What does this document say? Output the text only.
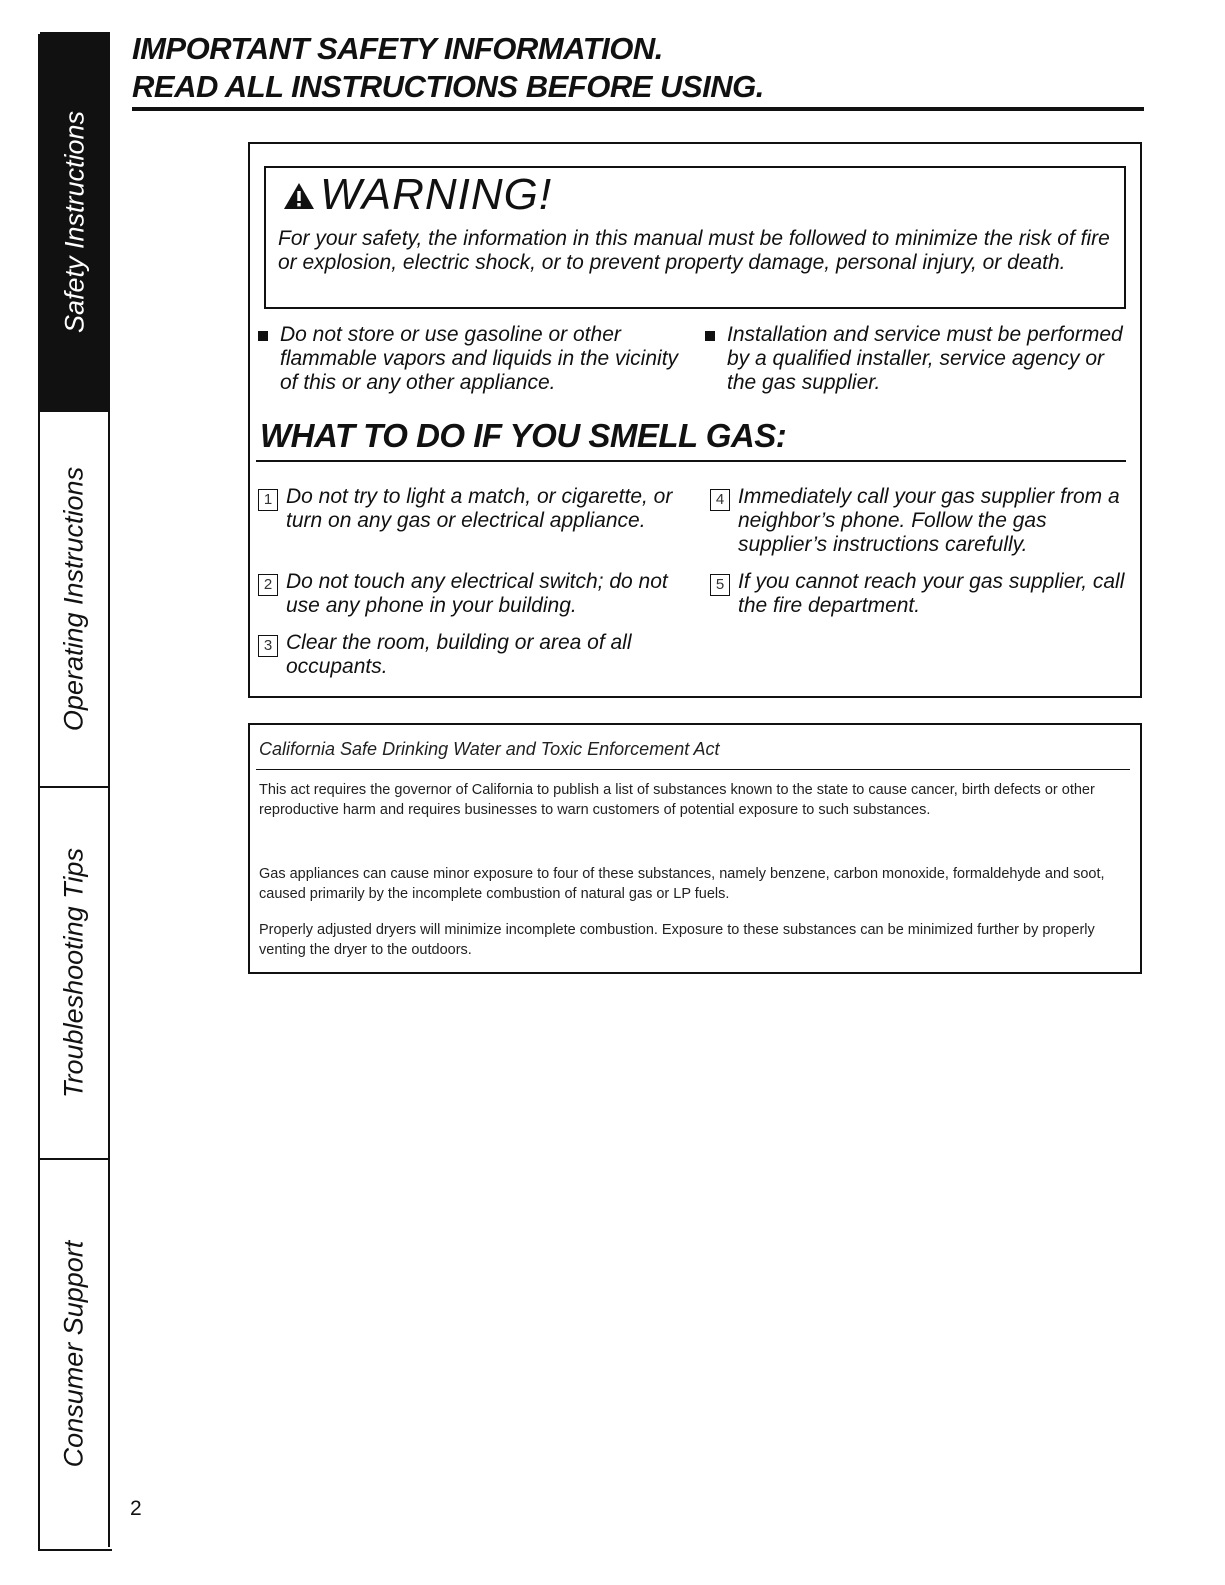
Safety Instructions
Operating Instructions
Troubleshooting Tips
Consumer Support
IMPORTANT SAFETY INFORMATION.
READ ALL INSTRUCTIONS BEFORE USING.
WARNING!
For your safety, the information in this manual must be followed to minimize the risk of fire or explosion, electric shock, or to prevent property damage, personal injury, or death.
Do not store or use gasoline or other flammable vapors and liquids in the vicinity of this or any other appliance.
Installation and service must be performed by a qualified installer, service agency or the gas supplier.
WHAT TO DO IF YOU SMELL GAS:
1 Do not try to light a match, or cigarette, or turn on any gas or electrical appliance.
2 Do not touch any electrical switch; do not use any phone in your building.
3 Clear the room, building or area of all occupants.
4 Immediately call your gas supplier from a neighbor’s phone. Follow the gas supplier’s instructions carefully.
5 If you cannot reach your gas supplier, call the fire department.
California Safe Drinking Water and Toxic Enforcement Act
This act requires the governor of California to publish a list of substances known to the state to cause cancer, birth defects or other reproductive harm and requires businesses to warn customers of potential exposure to such substances.
Gas appliances can cause minor exposure to four of these substances, namely benzene, carbon monoxide, formaldehyde and soot, caused primarily by the incomplete combustion of natural gas or LP fuels.
Properly adjusted dryers will minimize incomplete combustion. Exposure to these substances can be minimized further by properly venting the dryer to the outdoors.
2
